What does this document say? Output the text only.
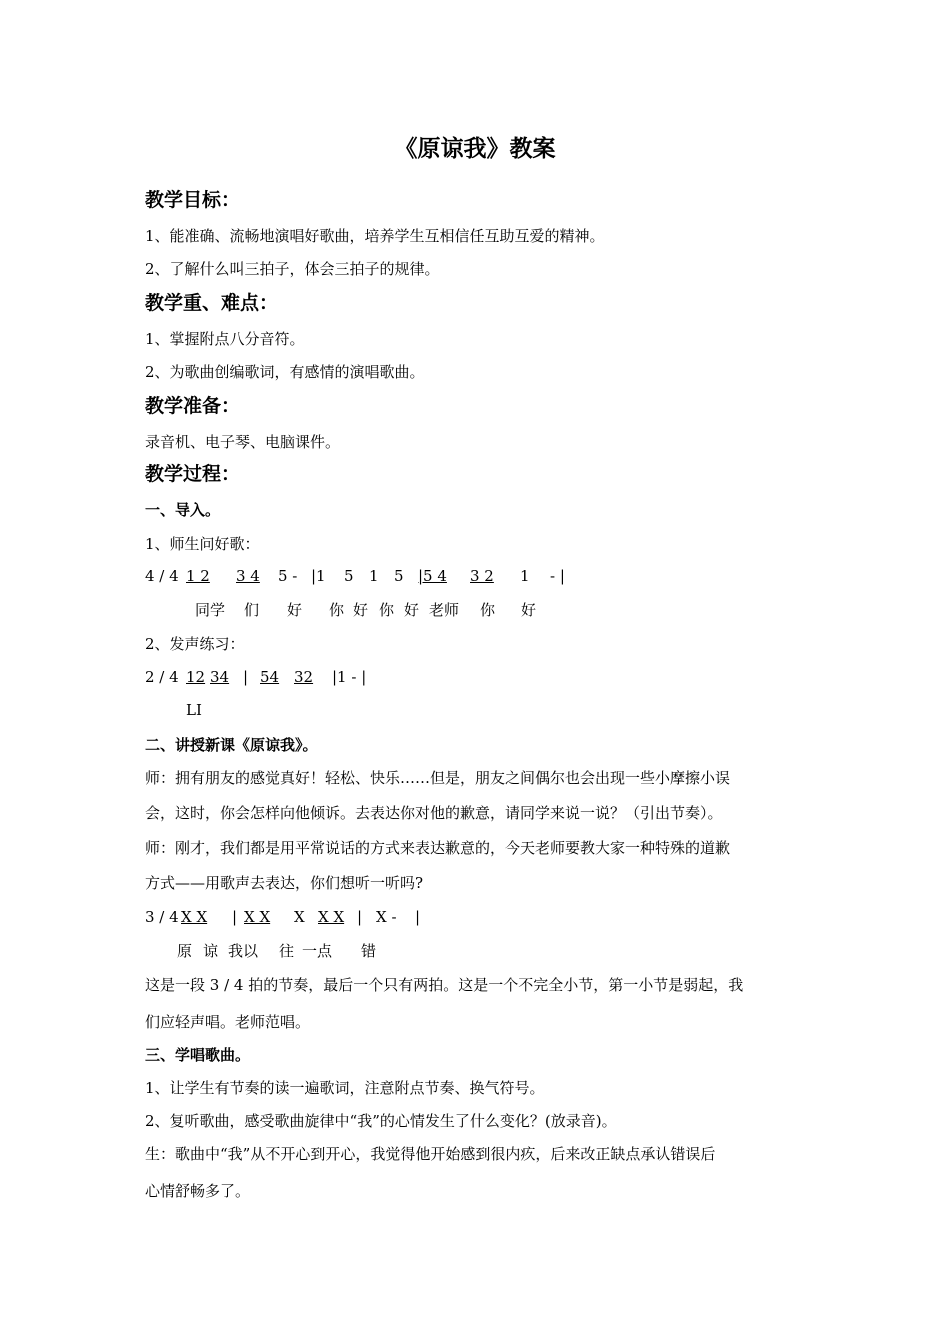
《原谅我》教案
教学目标：
1、能准确、流畅地演唱好歌曲，培养学生互相信任互助互爱的精神。
2、了解什么叫三拍子，体会三拍子的规律。
教学重、难点：
1、掌握附点八分音符。
2、为歌曲创编歌词，有感情的演唱歌曲。
教学准备：
录音机、电子琴、电脑课件。
教学过程：
一、导入。
1、师生问好歌：
4 / 4 1 2 3 4 5 - |1 5 1 5 |5 4 3 2 1 - |
同学 们 好 你 好 你 好 老师 你 好
2、发声练习：
2 / 4 12 34 | 54 32 |1 - |
LI
二、讲授新课《原谅我》。
师：拥有朋友的感觉真好！轻松、快乐……但是，朋友之间偶尔也会出现一些小摩擦小误
会，这时，你会怎样向他倾诉。去表达你对他的歉意，请同学来说一说？（引出节奏）。
师：刚才，我们都是用平常说话的方式来表达歉意的，今天老师要教大家一种特殊的道歉
方式——用歌声去表达，你们想听一听吗?
3 / 4 X X | X X X X X | X - |
原 谅 我以 往 一点 错
这是一段 3 / 4 拍的节奏，最后一个只有两拍。这是一个不完全小节，第一小节是弱起，我
们应轻声唱。老师范唱。
三、学唱歌曲。
1、让学生有节奏的读一遍歌词，注意附点节奏、换气符号。
2、复听歌曲，感受歌曲旋律中“我”的心情发生了什么变化？(放录音)。
生：歌曲中“我”从不开心到开心，我觉得他开始感到很内疚，后来改正缺点承认错误后
心情舒畅多了。
